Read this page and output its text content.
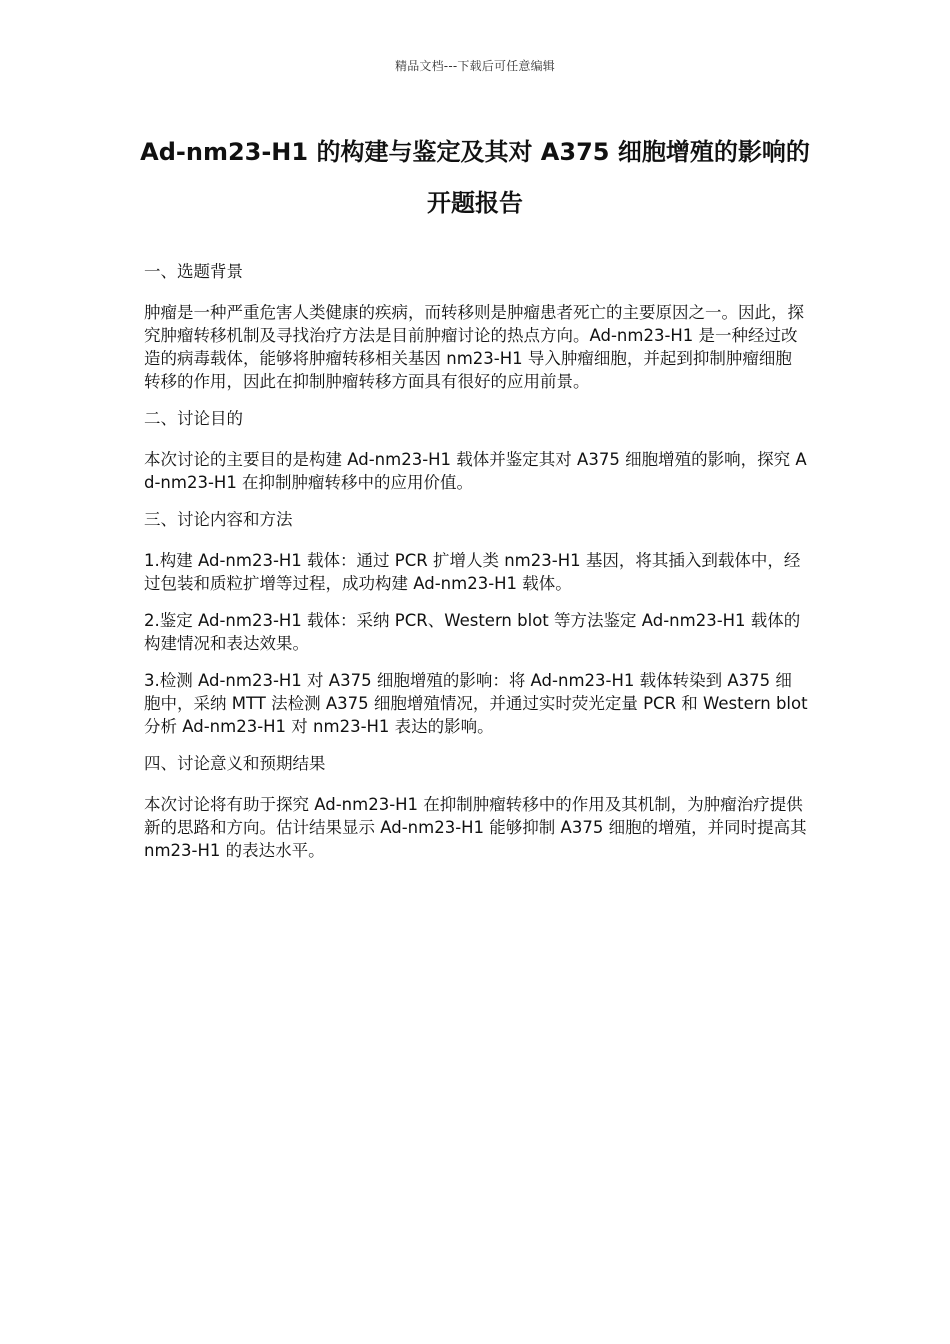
精品文档---下载后可任意编辑
Ad-nm23-H1 的构建与鉴定及其对 A375 细胞增殖的影响的
开题报告

一、选题背景

肿瘤是一种严重危害人类健康的疾病，而转移则是肿瘤患者死亡的主要原因之一。因此，探究肿瘤转移机制及寻找治疗方法是目前肿瘤讨论的热点方向。Ad-nm23-H1 是一种经过改造的病毒载体，能够将肿瘤转移相关基因 nm23-H1 导入肿瘤细胞，并起到抑制肿瘤细胞转移的作用，因此在抑制肿瘤转移方面具有很好的应用前景。

二、讨论目的

本次讨论的主要目的是构建 Ad-nm23-H1 载体并鉴定其对 A375 细胞增殖的影响，探究 Ad-nm23-H1 在抑制肿瘤转移中的应用价值。

三、讨论内容和方法

1.构建 Ad-nm23-H1 载体：通过 PCR 扩增人类 nm23-H1 基因，将其插入到载体中，经过包装和质粒扩增等过程，成功构建 Ad-nm23-H1 载体。

2.鉴定 Ad-nm23-H1 载体：采纳 PCR、Western blot 等方法鉴定 Ad-nm23-H1 载体的构建情况和表达效果。

3.检测 Ad-nm23-H1 对 A375 细胞增殖的影响：将 Ad-nm23-H1 载体转染到 A375 细胞中，采纳 MTT 法检测 A375 细胞增殖情况，并通过实时荧光定量 PCR 和 Western blot 分析 Ad-nm23-H1 对 nm23-H1 表达的影响。

四、讨论意义和预期结果

本次讨论将有助于探究 Ad-nm23-H1 在抑制肿瘤转移中的作用及其机制，为肿瘤治疗提供新的思路和方向。估计结果显示 Ad-nm23-H1 能够抑制 A375 细胞的增殖，并同时提高其 nm23-H1 的表达水平。
